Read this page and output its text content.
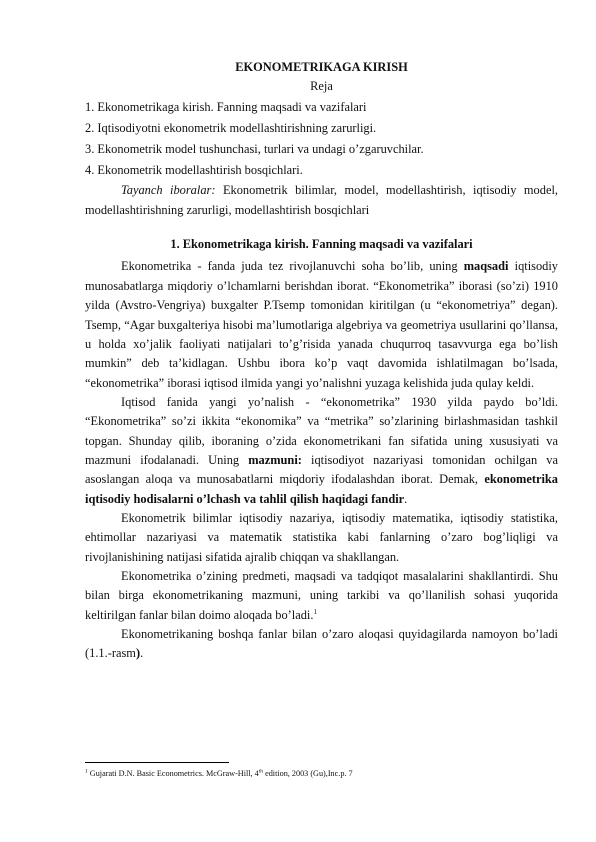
EKONOMETRIKAGA KIRISH
Reja
1. Ekonometrikaga kirish. Fanning maqsadi va vazifalari
2. Iqtisodiyotni ekonometrik modellashtirishning zarurligi.
3. Ekonometrik model tushunchasi, turlari va undagi o’zgaruvchilar.
4. Ekonometrik modellashtirish bosqichlari.

Tayanch iboralar: Ekonometrik bilimlar, model, modellashtirish, iqtisodiy model, modellashtirishning zarurligi, modellashtirish bosqichlari

1. Ekonometrikaga kirish. Fanning maqsadi va vazifalari

Ekonometrika - fanda juda tez rivojlanuvchi soha bo’lib, uning maqsadi iqtisodiy munosabatlarga miqdoriy o’lchamlarni berishdan iborat. “Ekonometrika” iborasi (so’zi) 1910 yilda (Avstro-Vengriya) buxgalter P.Tsemp tomonidan kiritilgan (u “ekonometriya” degan). Tsemp, “Agar buxgalteriya hisobi ma’lumotlariga algebriya va geometriya usullarini qo’llansa, u holda xo’jalik faoliyati natijalari to’g’risida yanada chuqurroq tasavvurga ega bo’lish mumkin” deb ta’kidlagan. Ushbu ibora ko’p vaqt davomida ishlatilmagan bo’lsada, “ekonometrika” iborasi iqtisod ilmida yangi yo’nalishni yuzaga kelishida juda qulay keldi.

Iqtisod fanida yangi yo’nalish - “ekonometrika” 1930 yilda paydo bo’ldi. “Ekonometrika” so’zi ikkita “ekonomika” va “metrika” so’zlarining birlashmasidan tashkil topgan. Shunday qilib, iboraning o’zida ekonometrikani fan sifatida uning xususiyati va mazmuni ifodalanadi. Uning mazmuni: iqtisodiyot nazariyasi tomonidan ochilgan va asoslangan aloqa va munosabatlarni miqdoriy ifodalashdan iborat. Demak, ekonometrika iqtisodiy hodisalarni o’lchash va tahlil qilish haqidagi fandir.

Ekonometrik bilimlar iqtisodiy nazariya, iqtisodiy matematika, iqtisodiy statistika, ehtimollar nazariyasi va matematik statistika kabi fanlarning o’zaro bog’liqligi va rivojlanishining natijasi sifatida ajralib chiqqan va shakllangan.

Ekonometrika o’zining predmeti, maqsadi va tadqiqot masalalarini shakllantirdi. Shu bilan birga ekonometrikaning mazmuni, uning tarkibi va qo’llanilish sohasi yuqorida keltirilgan fanlar bilan doimo aloqada bo’ladi.$^1$

Ekonometrikaning boshqa fanlar bilan o’zaro aloqasi quyidagilarda namoyon bo’ladi (1.1.-rasm).

$^1$ Gujarati D.N. Basic Econometrics. McGraw-Hill, 4th edition, 2003 (Gu),Inc.p. 7
